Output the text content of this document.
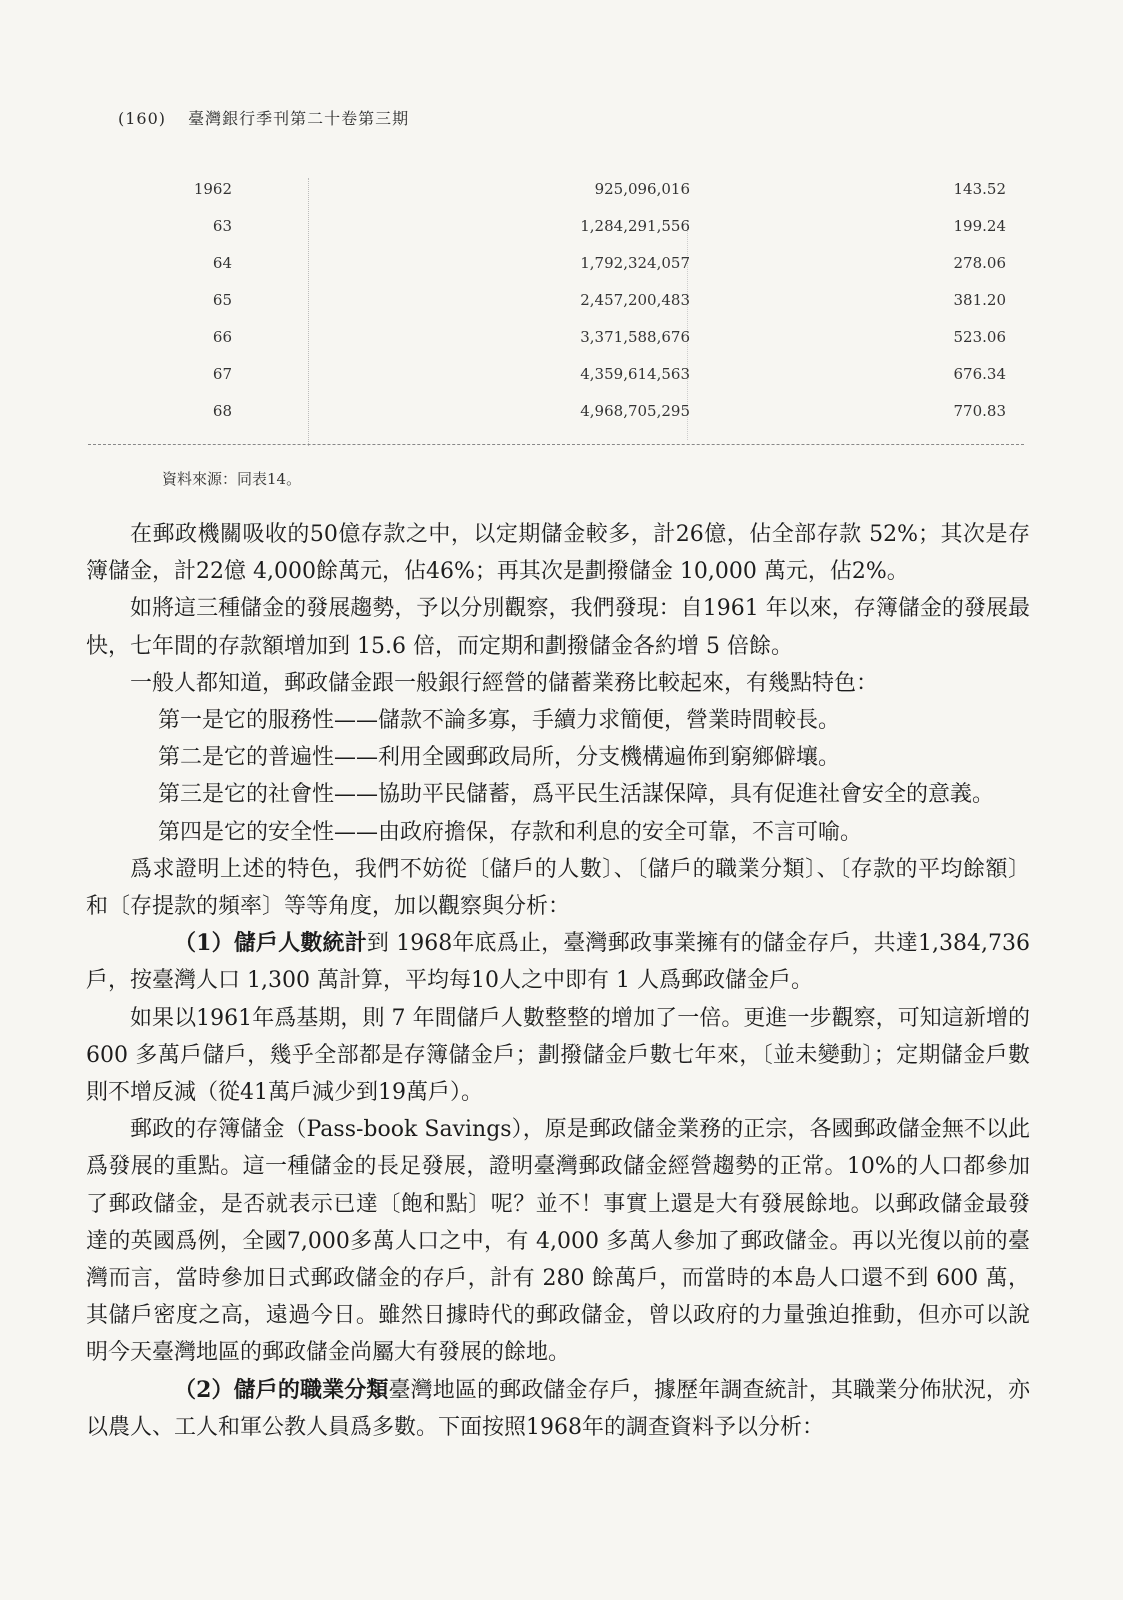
(160) 臺灣銀行季刊第二十卷第三期
1962	925,096,016	143.52
63	1,284,291,556	199.24
64	1,792,324,057	278.06
65	2,457,200,483	381.20
66	3,371,588,676	523.06
67	4,359,614,563	676.34
68	4,968,705,295	770.83
資料來源：同表14。

在郵政機關吸收的50億存款之中，以定期儲金較多，計26億，佔全部存款 52%；其次是存簿儲金，計22億 4,000餘萬元，佔46%；再其次是劃撥儲金 10,000 萬元，佔2%。

如將這三種儲金的發展趨勢，予以分別觀察，我們發現：自1961 年以來，存簿儲金的發展最快，七年間的存款額增加到 15.6 倍，而定期和劃撥儲金各約增 5 倍餘。

一般人都知道，郵政儲金跟一般銀行經營的儲蓄業務比較起來，有幾點特色：

第一是它的服務性——儲款不論多寡，手續力求簡便，營業時間較長。

第二是它的普遍性——利用全國郵政局所，分支機構遍佈到窮鄉僻壤。

第三是它的社會性——協助平民儲蓄，爲平民生活謀保障，具有促進社會安全的意義。

第四是它的安全性——由政府擔保，存款和利息的安全可靠，不言可喻。

爲求證明上述的特色，我們不妨從〔儲戶的人數〕、〔儲戶的職業分類〕、〔存款的平均餘額〕和〔存提款的頻率〕等等角度，加以觀察與分析：

（1）儲戶人數統計到 1968年底爲止，臺灣郵政事業擁有的儲金存戶，共達1,384,736戶，按臺灣人口 1,300 萬計算，平均每10人之中即有 1 人爲郵政儲金戶。

如果以1961年爲基期，則 7 年間儲戶人數整整的增加了一倍。更進一步觀察，可知這新增的600 多萬戶儲戶，幾乎全部都是存簿儲金戶；劃撥儲金戶數七年來，〔並未變動〕；定期儲金戶數則不增反減（從41萬戶減少到19萬戶）。

郵政的存簿儲金（Pass-book Savings），原是郵政儲金業務的正宗，各國郵政儲金無不以此爲發展的重點。這一種儲金的長足發展，證明臺灣郵政儲金經營趨勢的正常。10%的人口都參加了郵政儲金，是否就表示已達〔飽和點〕呢？並不！事實上還是大有發展餘地。以郵政儲金最發達的英國爲例，全國7,000多萬人口之中，有 4,000 多萬人參加了郵政儲金。再以光復以前的臺灣而言，當時參加日式郵政儲金的存戶，計有 280 餘萬戶，而當時的本島人口還不到 600 萬，其儲戶密度之高，遠過今日。雖然日據時代的郵政儲金，曾以政府的力量強迫推動，但亦可以說明今天臺灣地區的郵政儲金尚屬大有發展的餘地。

（2）儲戶的職業分類臺灣地區的郵政儲金存戶，據歷年調查統計，其職業分佈狀況，亦以農人、工人和軍公教人員爲多數。下面按照1968年的調查資料予以分析：
